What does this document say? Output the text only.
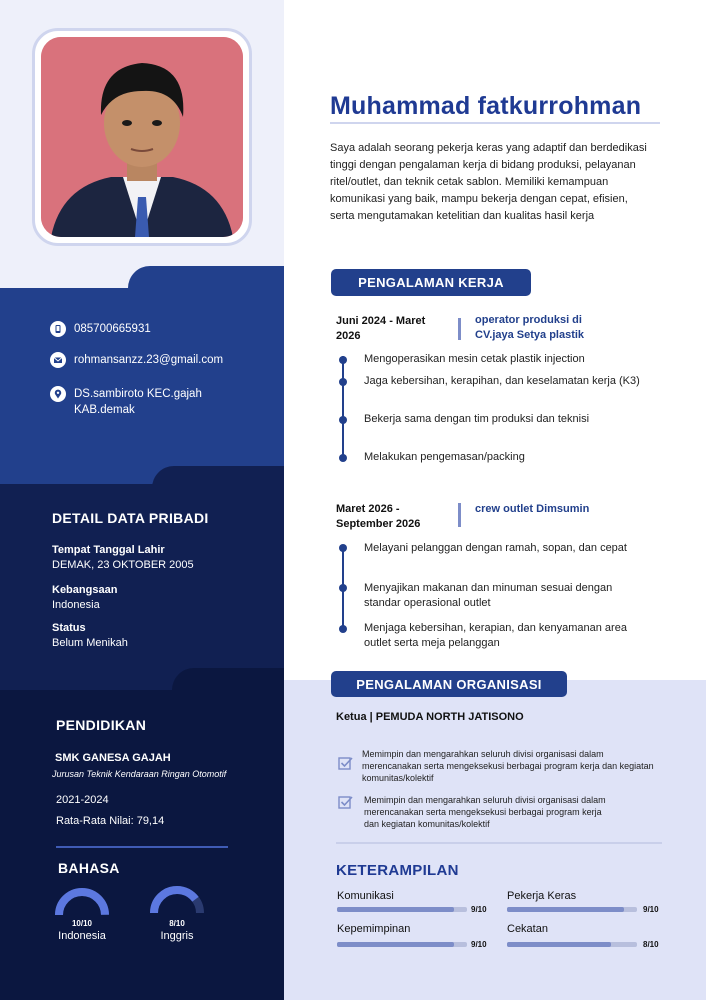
085700665931
rohmansanzz.23@gmail.com
DS.sambiroto KEC.gajah
KAB.demak
DETAIL DATA PRIBADI
Tempat Tanggal Lahir
DEMAK, 23 OKTOBER 2005
Kebangsaan
Indonesia
Status
Belum Menikah
PENDIDIKAN
SMK GANESA GAJAH
Jurusan Teknik Kendaraan Ringan Otomotif
2021-2024
Rata-Rata Nilai: 79,14
BAHASA
10/10
Indonesia
8/10
Inggris
Muhammad fatkurrohman
Saya adalah seorang pekerja keras yang adaptif dan berdedikasi tinggi dengan pengalaman kerja di bidang produksi, pelayanan ritel/outlet, dan teknik cetak sablon. Memiliki kemampuan komunikasi yang baik, mampu bekerja dengan cepat, efisien, serta mengutamakan ketelitian dan kualitas hasil kerja
PENGALAMAN KERJA
Juni 2024 - Maret
2026
operator produksi di
CV.jaya Setya plastik
Mengoperasikan mesin cetak plastik injection
Jaga kebersihan, kerapihan, dan keselamatan kerja (K3)
Bekerja sama dengan tim produksi dan teknisi
Melakukan pengemasan/packing
Maret 2026 -
September 2026
crew outlet Dimsumin
Melayani pelanggan dengan ramah, sopan, dan cepat
Menyajikan makanan dan minuman sesuai dengan standar operasional outlet
Menjaga kebersihan, kerapian, dan kenyamanan area outlet serta meja pelanggan
PENGALAMAN ORGANISASI
Ketua | PEMUDA NORTH JATISONO
Memimpin dan mengarahkan seluruh divisi organisasi dalam merencanakan serta mengeksekusi berbagai program kerja dan kegiatan komunitas/kolektif
Memimpin dan mengarahkan seluruh divisi organisasi dalam merencanakan serta mengeksekusi berbagai program kerja dan kegiatan komunitas/kolektif
KETERAMPILAN
Komunikasi
9/10
Pekerja Keras
9/10
Kepemimpinan
9/10
Cekatan
8/10
